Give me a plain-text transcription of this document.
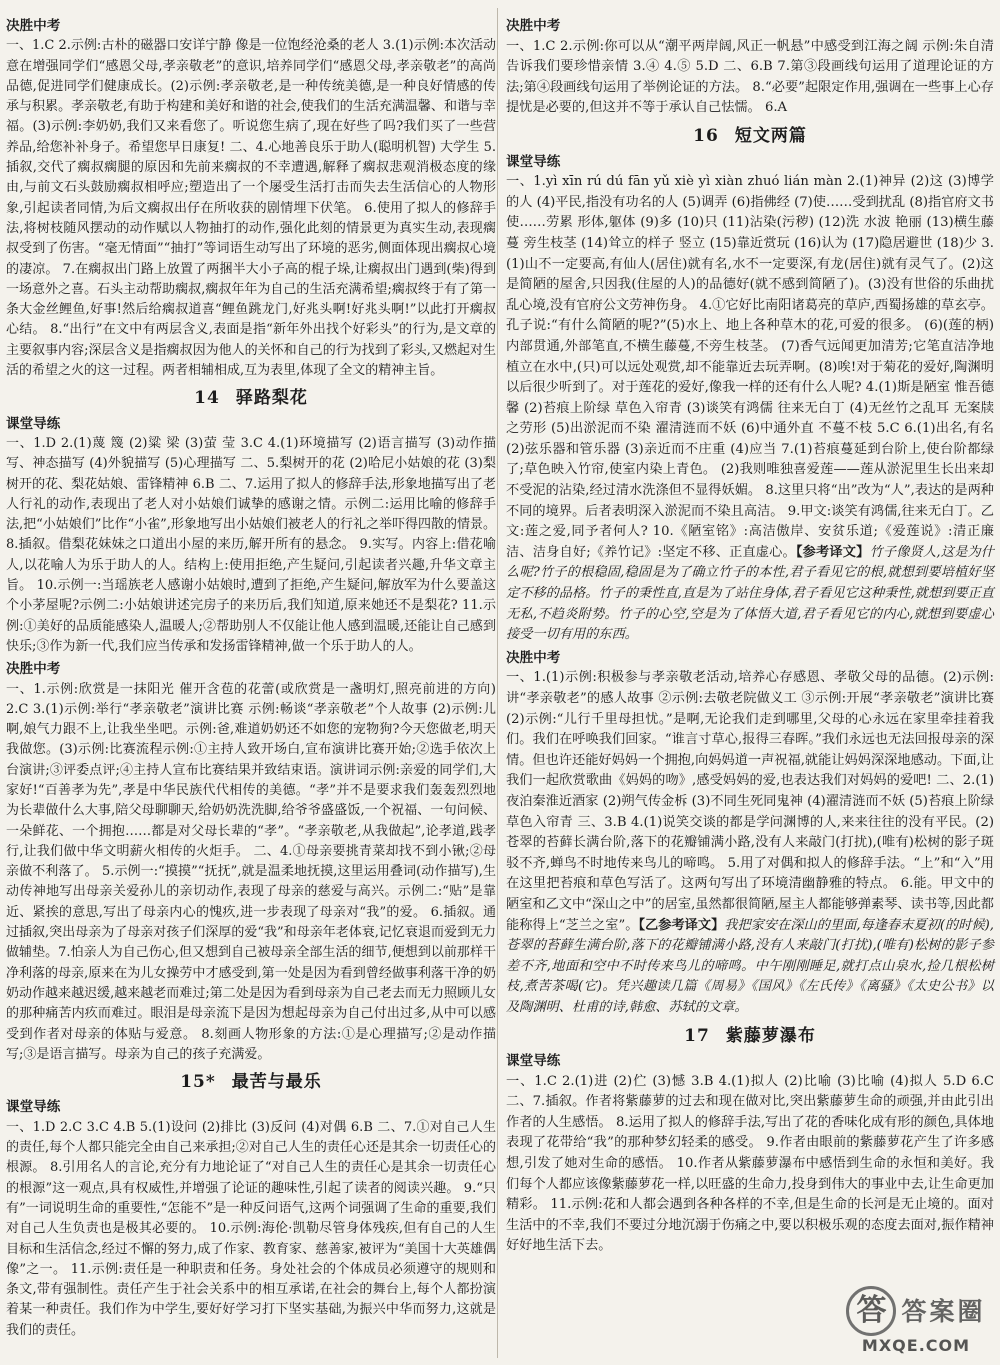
决胜中考

一、1.C 2.示例:古朴的磁器口安详宁静 像是一位饱经沧桑的老人 3.(1)示例:本次活动意在增强同学们“感恩父母,孝亲敬老”的意识,培养同学们“感恩父母,孝亲敬老”的高尚品德,促进同学们健康成长。(2)示例:孝亲敬老,是一种传统美德,是一种良好情感的传承与积累。孝亲敬老,有助于构建和美好和谐的社会,使我们的生活充满温馨、和谐与幸福。(3)示例:李奶奶,我们又来看您了。听说您生病了,现在好些了吗?我们买了一些营养品,给您补补身子。希望您早日康复! 二、4.心地善良乐于助人(聪明机智) 大学生 5.插叙,交代了瘸叔瘸腿的原因和先前来瘸叔的不幸遭遇,解释了瘸叔悲观消极态度的缘由,与前文石头鼓励瘸叔相呼应;塑造出了一个屡受生活打击而失去生活信心的人物形象,引起读者同情,为后文瘸叔出仔在所收获的剧情埋下伏笔。 6.使用了拟人的修辞手法,将树枝随风摆动的动作赋以人物抽打的动作,强化此刻的情景更为真实生动,表现瘸叔受到了伤害。“毫无情面”“抽打”等词语生动写出了环境的恶劣,侧面体现出瘸叔心境的凄凉。 7.在瘸叔出门路上放置了两捆半大小子高的棍子垛,让瘸叔出门遇到(柴)得到一场意外之喜。石头主动帮助瘸叔,瘸叔年年为自己的生活充满希望;瘸叔终于有了第一条大金丝鲤鱼,好事!然后给瘸叔道喜“鲤鱼跳龙门,好兆头啊!好兆头啊!”以此打开瘸叔心结。 8.“出行”在文中有两层含义,表面是指“新年外出找个好彩头”的行为,是文章的主要叙事内容;深层含义是指瘸叔因为他人的关怀和自己的行为找到了彩头,又燃起对生活的希望之火的这一过程。两者相辅相成,互为表里,体现了全文的精神主旨。

14 驿路梨花
课堂导练

一、1.D 2.(1)蔑 篾 (2)粱 梁 (3)萤 莹 3.C 4.(1)环境描写 (2)语言描写 (3)动作描写、神态描写 (4)外貌描写 (5)心理描写 二、5.梨树开的花 (2)哈尼小姑娘的花 (3)梨树开的花、梨花姑娘、雷锋精神 6.B 二、7.运用了拟人的修辞手法,形象地描写出了老人行礼的动作,表现出了老人对小姑娘们诚挚的感谢之情。示例二:运用比喻的修辞手法,把“小姑娘们”比作“小雀”,形象地写出小姑娘们被老人的行礼之举吓得四散的情景。 8.插叙。借梨花妹妹之口道出小屋的来历,解开所有的悬念。 9.实写。内容上:借花喻人,以花喻人为乐于助人的人。结构上:使用拒绝,产生疑问,引起读者兴趣,升华文章主旨。 10.示例一:当瑶族老人感谢小姑娘时,遭到了拒绝,产生疑问,解放军为什么要盖这个小茅屋呢?示例二:小姑娘讲述完房子的来历后,我们知道,原来她还不是梨花? 11.示例:①美好的品质能感染人,温暖人;②帮助别人不仅能让他人感到温暖,还能让自己感到快乐;③作为新一代,我们应当传承和发扬雷锋精神,做一个乐于助人的人。

决胜中考

一、1.示例:欣赏是一抹阳光 催开含苞的花蕾(或欣赏是一盏明灯,照亮前进的方向) 2.C 3.(1)示例:举行“孝亲敬老”演讲比赛 示例:畅谈“孝亲敬老”个人故事 (2)示例:儿啊,娘气力跟不上,让我坐坐吧。示例:爸,难道奶奶还不如您的宠物狗?今天您做老,明天我做您。(3)示例:比赛流程示例:①主持人致开场白,宣布演讲比赛开始;②选手依次上台演讲;③评委点评;④主持人宣布比赛结果并致结束语。演讲词示例:亲爱的同学们,大家好!“百善孝为先”,孝是中华民族代代相传的美德。“孝”并不是要求我们轰轰烈烈地为长辈做什么大事,陪父母聊聊天,给奶奶洗洗脚,给爷爷盛盛饭,一个祝福、一句问候、一朵鲜花、一个拥抱……都是对父母长辈的“孝”。“孝亲敬老,从我做起”,论孝道,践孝行,让我们做中华文明薪火相传的火炬手。 二、4.①母亲要挑青菜却找不到小锹;②母亲做不利落了。 5.示例一:“摸摸”“抚抚”,就是温柔地抚摸,这里运用叠词(动作描写),生动传神地写出母亲关爱孙儿的亲切动作,表现了母亲的慈爱与高兴。示例二:“贴”是靠近、紧挨的意思,写出了母亲内心的愧疚,进一步表现了母亲对“我”的爱。 6.插叙。通过插叙,突出母亲为了母亲对孩子们深厚的爱“我”和母亲年老体衰,记忆衰退而爱到无力做辅垫。7.怕亲人为自己伤心,但又想到自己被母亲全部生活的细节,便想到以前那样干净利落的母亲,原来在为儿女操劳中才感受到,第一处是因为看到曾经做事利落干净的奶奶动作越来越迟缓,越来越老而难过;第二处是因为看到母亲为自己老去而无力照顾儿女的那种痛苦内疚而难过。眼泪是母亲流下是因为想起母亲为自己付出过多,从中可以感受到作者对母亲的体贴与爱意。 8.刻画人物形象的方法:①是心理描写;②是动作描写;③是语言描写。母亲为自己的孩子充满爱。

15* 最苦与最乐
课堂导练

一、1.D 2.C 3.C 4.B 5.(1)设问 (2)排比 (3)反问 (4)对偶 6.B 二、7.①对自己人生的责任,每个人都只能完全由自己来承担;②对自己人生的责任心还是其余一切责任心的根源。 8.引用名人的言论,充分有力地论证了“对自己人生的责任心是其余一切责任心的根源”这一观点,具有权威性,并增强了论证的趣味性,引起了读者的阅读兴趣。 9.“只有”一词说明生命的重要性,“怎能不”是一种反问语气,这两个词强调了生命的重要,我们对自己人生负责也是极其必要的。 10.示例:海伦·凯勒尽管身体残疾,但有自己的人生目标和生活信念,经过不懈的努力,成了作家、教育家、慈善家,被评为“美国十大英雄偶像”之一。 11.示例:责任是一种职责和任务。身处社会的个体成员必须遵守的规则和条文,带有强制性。责任产生于社会关系中的相互承诺,在社会的舞台上,每个人都扮演着某一种责任。我们作为中学生,要好好学习打下坚实基础,为振兴中华而努力,这就是我们的责任。

决胜中考

一、1.C 2.示例:你可以从“潮平两岸阔,风正一帆悬”中感受到江海之阔 示例:朱自清告诉我们要珍惜亲情 3.④ 4.⑤ 5.D 二、6.B 7.第③段画线句运用了道理论证的方法;第④段画线句运用了举例论证的方法。 8.“必要”起限定作用,强调在一些事上心存提忧是必要的,但这并不等于承认自己怯懦。 6.A

16 短文两篇
课堂导练

一、1.yì xīn rú dú fān yǔ xiè yì xiàn zhuó lián màn 2.(1)神异 (2)这 (3)博学的人 (4)平民,指没有功名的人 (5)调弄 (6)指佛经 (7)使……受到扰乱 (8)指官府文书 使……劳累 形体,躯体 (9)多 (10)只 (11)沾染(污秽) (12)洗 水波 艳丽 (13)横生藤蔓 旁生枝茎 (14)耸立的样子 竖立 (15)靠近赏玩 (16)认为 (17)隐居避世 (18)少 3.(1)山不一定要高,有仙人(居住)就有名,水不一定要深,有龙(居住)就有灵气了。(2)这是简陋的屋舍,只因我(住屋的人)的品德好(就不感到简陋了)。(3)没有世俗的乐曲扰乱心境,没有官府公文劳神伤身。 4.①它好比南阳诸葛亮的草庐,西蜀扬雄的草玄亭。孔子说:“有什么简陋的呢?”(5)水上、地上各种草木的花,可爱的很多。 (6)(莲的柄)内部贯通,外部笔直,不横生藤蔓,不旁生枝茎。 (7)香气远闻更加清芳;它笔直洁净地植立在水中,(只)可以远处观赏,却不能靠近去玩弄啊。(8)唉!对于菊花的爱好,陶渊明以后很少听到了。对于莲花的爱好,像我一样的还有什么人呢? 4.(1)斯是陋室 惟吾德馨 (2)苔痕上阶绿 草色入帘青 (3)谈笑有鸿儒 往来无白丁 (4)无丝竹之乱耳 无案牍之劳形 (5)出淤泥而不染 濯清涟而不妖 (6)中通外直 不蔓不枝 5.C 6.(1)出名,有名 (2)弦乐器和管乐器 (3)亲近而不庄重 (4)应当 7.(1)苔痕蔓延到台阶上,使台阶都绿了;草色映入竹帘,使室内染上青色。 (2)我则唯独喜爱莲——莲从淤泥里生长出来却不受泥的沾染,经过清水洗涤但不显得妖媚。 8.这里只将“出”改为“人”,表达的是两种不同的境界。后者表明深入淤泥而不染且高洁。 9.甲文:谈笑有鸿儒,往来无白丁。乙文:莲之爱,同予者何人? 10.《陋室铭》:高洁傲岸、安贫乐道;《爱莲说》:清正廉洁、洁身自好;《养竹记》:坚定不移、正直虚心。【参考译文】竹子像贤人,这是为什么呢?竹子的根稳固,稳固是为了确立竹子的本性,君子看见它的根,就想到要培植好坚定不移的品格。竹子的秉性直,直是为了站住身体,君子看见它这种秉性,就想到要正直无私,不趋炎附势。竹子的心空,空是为了体悟大道,君子看见它的内心,就想到要虚心接受一切有用的东西。

决胜中考

一、1.(1)示例:积极参与孝亲敬老活动,培养心存感恩、孝敬父母的品德。(2)示例:讲“孝亲敬老”的感人故事 ②示例:去敬老院做义工 ③示例:开展“孝亲敬老”演讲比赛 (2)示例:“儿行千里母担忧。”是啊,无论我们走到哪里,父母的心永远在家里牵挂着我们。我们在呼唤我们回家。“谁言寸草心,报得三春晖。”我们永远也无法回报母亲的深情。但也许还能好妈妈一个拥抱,向妈妈道一声祝福,就能让妈妈深深地感动。下面,让我们一起欣赏歌曲《妈妈的吻》,感受妈妈的爱,也表达我们对妈妈的爱吧! 二、2.(1)夜泊秦淮近酒家 (2)朔气传金柝 (3)不同生死同鬼神 (4)濯清涟而不妖 (5)苔痕上阶绿 草色入帘青 三、3.B 4.(1)说笑交谈的都是学问渊博的人,来来往往的没有平民。(2)苍翠的苔藓长满台阶,落下的花瓣铺满小路,没有人来敲门(打扰),(唯有)松树的影子斑驳不齐,蝉鸟不时地传来鸟儿的啼鸣。 5.用了对偶和拟人的修辞手法。“上”和“入”用在这里把苔痕和草色写活了。这两句写出了环境清幽静雅的特点。 6.能。甲文中的陋室和乙文中“深山之中”的居室,虽然都很简陋,屋主人都能够弹素琴、读书等,因此都能称得上“芝兰之室”。【乙参考译文】我把家安在深山的里面,每逢春末夏初(的时候),苍翠的苔藓生满台阶,落下的花瓣铺满小路,没有人来敲门(打扰),(唯有)松树的影子参差不齐,地面和空中不时传来鸟儿的啼鸣。中午刚刚睡足,就打点山泉水,捡几根松树枝,煮苦茶喝(它)。凭兴趣读几篇《周易》《国风》《左氏传》《离骚》《太史公书》以及陶渊明、杜甫的诗,韩愈、苏轼的文章。

17 紫藤萝瀑布
课堂导练

一、1.C 2.(1)进 (2)伫 (3)憾 3.B 4.(1)拟人 (2)比喻 (3)比喻 (4)拟人 5.D 6.C 二、7.插叙。作者将紫藤萝的过去和现在做对比,突出紫藤萝生命的顽强,并由此引出作者的人生感悟。 8.运用了拟人的修辞手法,写出了花的香味化成有形的颜色,具体地表现了花带给“我”的那种梦幻轻柔的感受。 9.作者由眼前的紫藤萝花产生了许多感想,引发了她对生命的感悟。 10.作者从紫藤萝瀑布中感悟到生命的永恒和美好。我们每个人都应该像紫藤萝花一样,以旺盛的生命力,投身到伟大的事业中去,让生命更加精彩。 11.示例:花和人都会遇到各种各样的不幸,但是生命的长河是无止境的。面对生活中的不幸,我们不要过分地沉溺于伤痛之中,要以积极乐观的态度去面对,振作精神好好地生活下去。

答 答案圈
MXQE.COM
